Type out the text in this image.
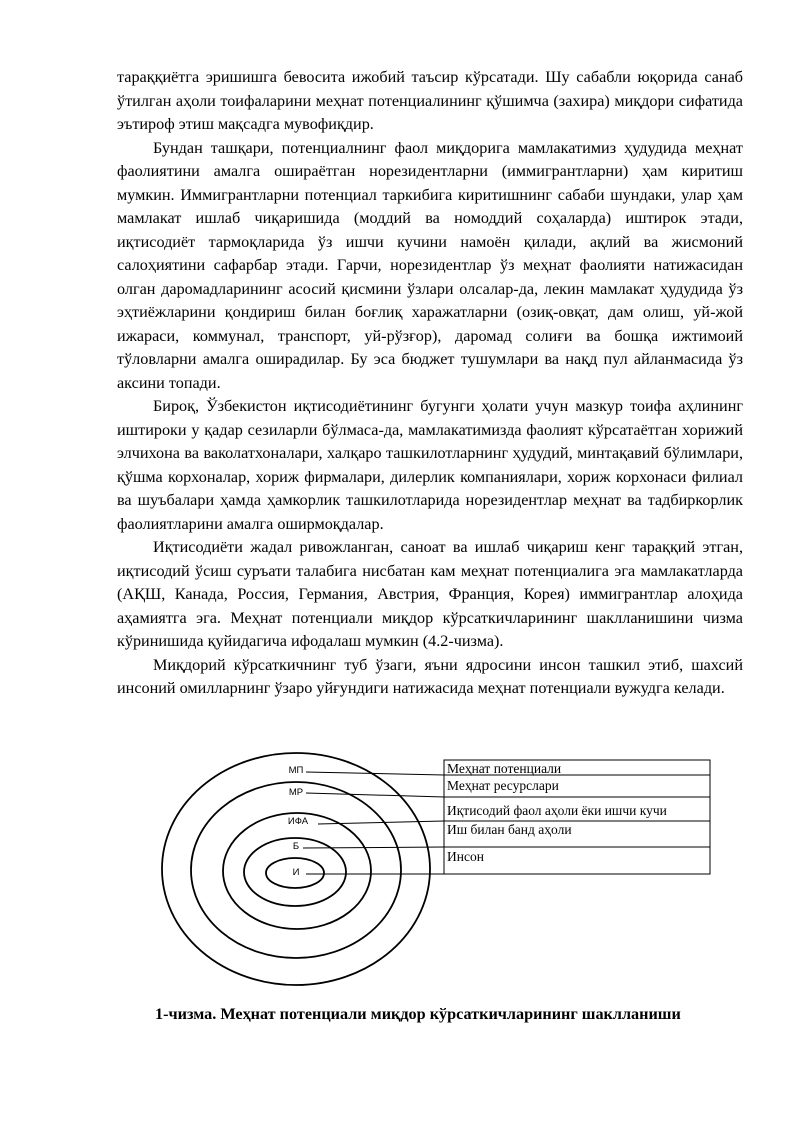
тараққиётга эришишга бевосита ижобий таъсир кўрсатади. Шу сабабли юқорида санаб ўтилган аҳоли тоифаларини меҳнат потенциалининг қўшимча (захира) миқдори сифатида эътироф этиш мақсадга мувофиқдир.

Бундан ташқари, потенциалнинг фаол миқдорига мамлакатимиз ҳудудида меҳнат фаолиятини амалга ошираётган норезидентларни (иммигрантларни) ҳам киритиш мумкин. Иммигрантларни потенциал таркибига киритишнинг сабаби шундаки, улар ҳам мамлакат ишлаб чиқаришида (моддий ва номоддий соҳаларда) иштирок этади, иқтисодиёт тармоқларида ўз ишчи кучини намоён қилади, ақлий ва жисмоний салоҳиятини сафарбар этади. Гарчи, норезидентлар ўз меҳнат фаолияти натижасидан олган даромадларининг асосий қисмини ўзлари олсалар-да, лекин мамлакат ҳудудида ўз эҳтиёжларини қондириш билан боғлиқ харажатларни (озиқ-овқат, дам олиш, уй-жой ижараси, коммунал, транспорт, уй-рўзғор), даромад солиғи ва бошқа ижтимоий тўловларни амалга оширадилар. Бу эса бюджет тушумлари ва нақд пул айланмасида ўз аксини топади.

Бироқ, Ўзбекистон иқтисодиётининг бугунги ҳолати учун мазкур тоифа аҳлининг иштироки у қадар сезиларли бўлмаса-да, мамлакатимизда фаолият кўрсатаётган хорижий элчихона ва ваколатхоналари, халқаро ташкилотларнинг ҳудудий, минтақавий бўлимлари, қўшма корхоналар, хориж фирмалари, дилерлик компаниялари, хориж корхонаси филиал ва шуъбалари ҳамда ҳамкорлик ташкилотларида норезидентлар меҳнат ва тадбиркорлик фаолиятларини амалга оширмоқдалар.

Иқтисодиёти жадал ривожланган, саноат ва ишлаб чиқариш кенг тараққий этган, иқтисодий ўсиш суръати талабига нисбатан кам меҳнат потенциалига эга мамлакатларда (АҚШ, Канада, Россия, Германия, Австрия, Франция, Корея) иммигрантлар алоҳида аҳамиятга эга. Меҳнат потенциали миқдор кўрсаткичларининг шаклланишини чизма кўринишида қуйидагича ифодалаш мумкин (4.2-чизма).

Миқдорий кўрсаткичнинг туб ўзаги, яъни ядросини инсон ташкил этиб, шахсий инсоний омилларнинг ўзаро уйғундиги натижасида меҳнат потенциали вужудга келади.

МП
МР
ИФА
Б
И
Меҳнат потенциали
Меҳнат ресурслари
Иқтисодий фаол аҳоли ёки ишчи кучи
Иш билан банд аҳоли
Инсон
1-чизма. Меҳнат потенциали миқдор кўрсаткичларининг шаклланиши
